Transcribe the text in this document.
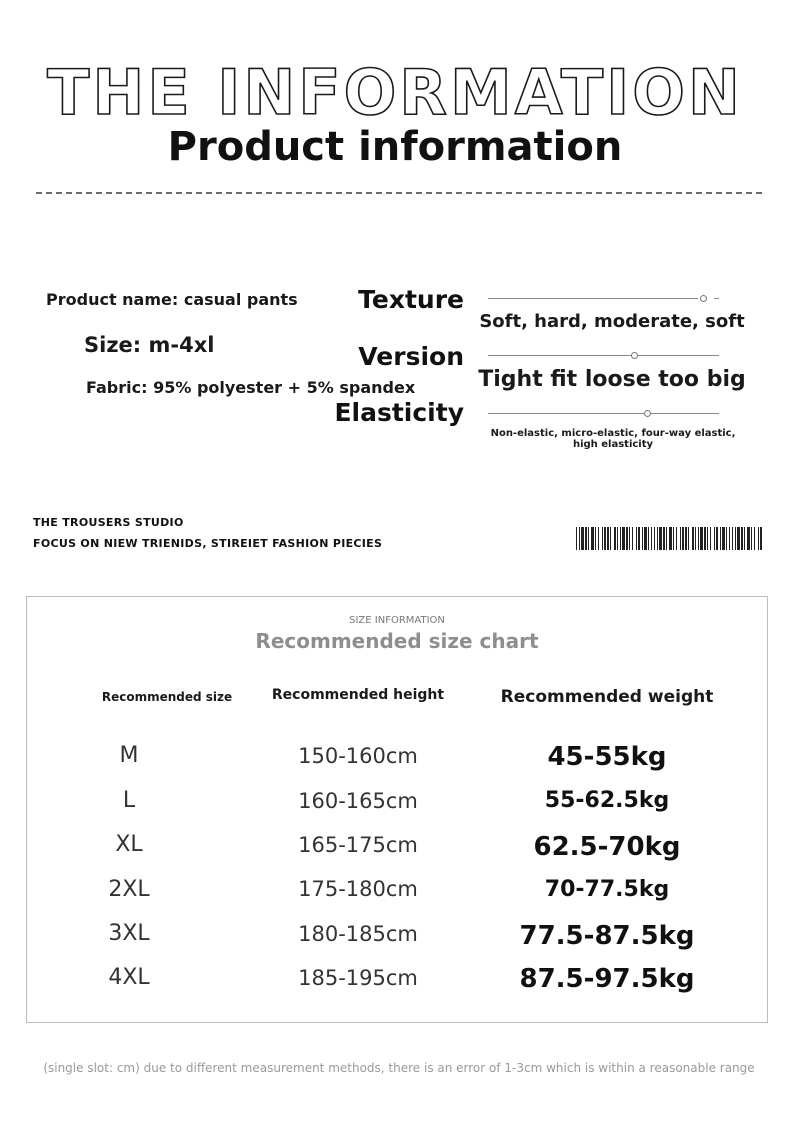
THE INFORMATION
Product information
Product name: casual pants
Size: m-4xl
Fabric: 95% polyester + 5% spandex
Texture
Version
Elasticity
Soft, hard, moderate, soft
Tight fit loose too big
Non-elastic, micro-elastic, four-way elastic, high elasticity
THE TROUSERS STUDIO
FOCUS ON NIEW TRIENIDS, STIREIET FASHION PIECIES
SIZE INFORMATION
Recommended size chart
Recommended size	Recommended height	Recommended weight
M	150-160cm	45-55kg
L	160-165cm	55-62.5kg
XL	165-175cm	62.5-70kg
2XL	175-180cm	70-77.5kg
3XL	180-185cm	77.5-87.5kg
4XL	185-195cm	87.5-97.5kg
(single slot: cm) due to different measurement methods, there is an error of 1-3cm which is within a reasonable range
